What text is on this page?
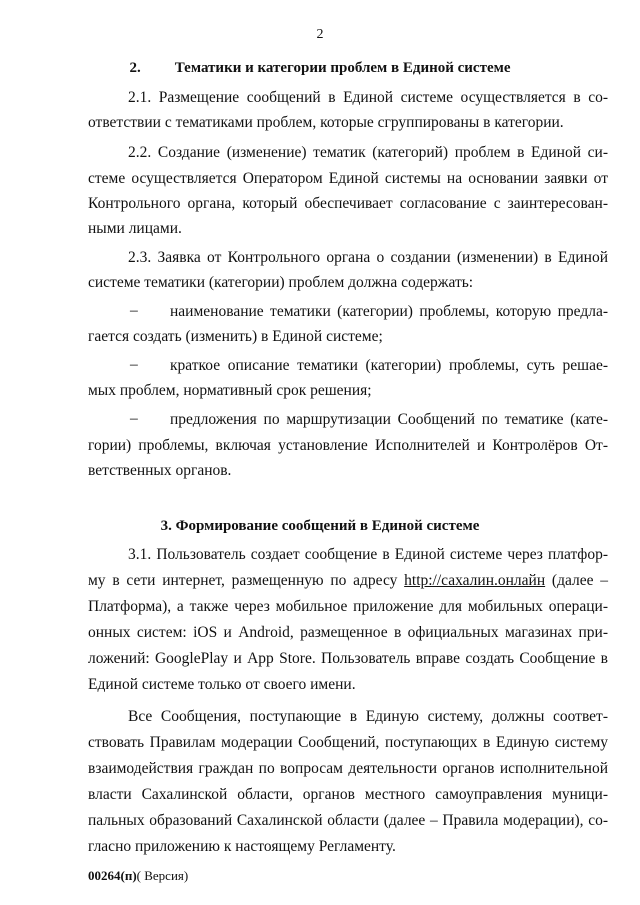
2
2. Тематики и категории проблем в Единой системе
2.1. Размещение сообщений в Единой системе осуществляется в со-
ответствии с тематиками проблем, которые сгруппированы в категории.
2.2. Создание (изменение) тематик (категорий) проблем в Единой си-
стеме осуществляется Оператором Единой системы на основании заявки от
Контрольного органа, который обеспечивает согласование с заинтересован-
ными лицами.
2.3. Заявка от Контрольного органа о создании (изменении) в Единой
системе тематики (категории) проблем должна содержать:
– наименование тематики (категории) проблемы, которую предла-
гается создать (изменить) в Единой системе;
– краткое описание тематики (категории) проблемы, суть решае-
мых проблем, нормативный срок решения;
– предложения по маршрутизации Сообщений по тематике (кате-
гории) проблемы, включая установление Исполнителей и Контролёров От-
ветственных органов.
3. Формирование сообщений в Единой системе
3.1. Пользователь создает сообщение в Единой системе через платфор-
му в сети интернет, размещенную по адресу http://сахалин.онлайн (далее –
Платформа), а также через мобильное приложение для мобильных операци-
онных систем: iOS и Android, размещенное в официальных магазинах при-
ложений: GooglePlay и App Store. Пользователь вправе создать Сообщение в
Единой системе только от своего имени.
Все Сообщения, поступающие в Единую систему, должны соответ-
ствовать Правилам модерации Сообщений, поступающих в Единую систему
взаимодействия граждан по вопросам деятельности органов исполнительной
власти Сахалинской области, органов местного самоуправления муници-
пальных образований Сахалинской области (далее – Правила модерации), со-
гласно приложению к настоящему Регламенту.
00264(п)( Версия)
